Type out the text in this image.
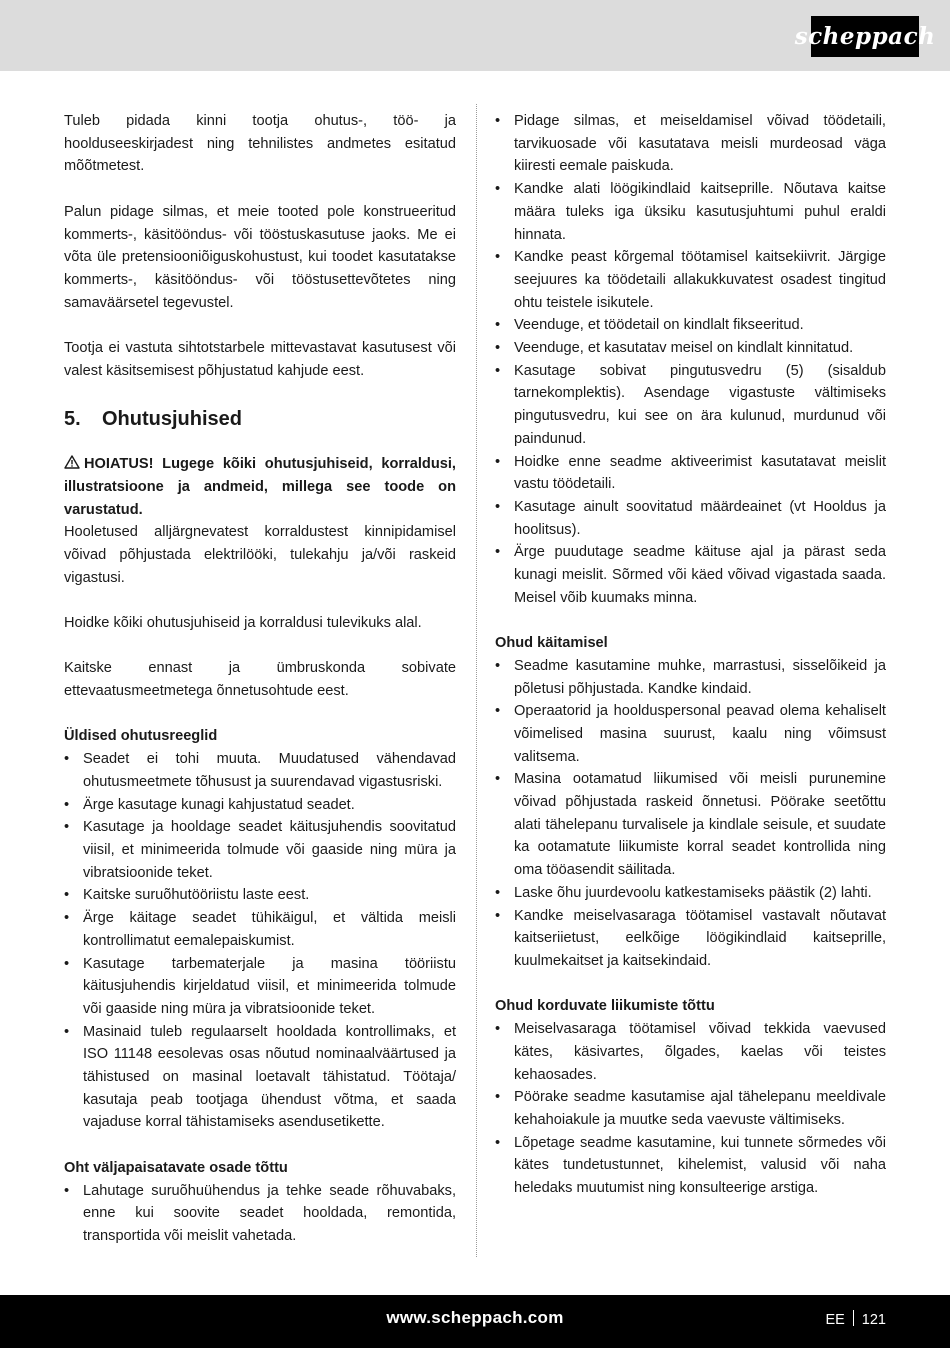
scheppach

Tuleb pidada kinni tootja ohutus-, töö- ja hoolduseeskirjadest ning tehnilistes andmetes esitatud mõõtmetest.

Palun pidage silmas, et meie tooted pole konstrueeritud kommerts-, käsitööndus- või tööstuskasutuse jaoks. Me ei võta üle pretensiooniõiguskohustust, kui toodet kasutatakse kommerts-, käsitööndus- või tööstusettevõtetes ning samaväärsetel tegevustel.

Tootja ei vastuta sihtotstarbele mittevastavat kasutusest või valest käsitsemisest põhjustatud kahjude eest.

5. Ohutusjuhised
HOIATUS! Lugege kõiki ohutusjuhiseid, korraldusi, illustratsioone ja andmeid, millega see toode on varustatud.

Hooletused alljärgnevatest korraldustest kinnipidamisel võivad põhjustada elektrilööki, tulekahju ja/või raskeid vigastusi.

Hoidke kõiki ohutusjuhiseid ja korraldusi tulevikuks alal.

Kaitske ennast ja ümbruskonda sobivate ettevaatusmeetmetega õnnetusohtude eest.

Üldised ohutusreeglid
• Seadet ei tohi muuta. Muudatused vähendavad ohutusmeetmete tõhusust ja suurendavad vigastusriski.
• Ärge kasutage kunagi kahjustatud seadet.
• Kasutage ja hooldage seadet käitusjuhendis soovitatud viisil, et minimeerida tolmude või gaaside ning müra ja vibratsioonide teket.
• Kaitske suruõhutööriistu laste eest.
• Ärge käitage seadet tühikäigul, et vältida meisli kontrollimatut eemalepaiskumist.
• Kasutage tarbematerjale ja masina tööriistu käitusjuhendis kirjeldatud viisil, et minimeerida tolmude või gaaside ning müra ja vibratsioonide teket.
• Masinaid tuleb regulaarselt hooldada kontrollimaks, et ISO 11148 eesolevas osas nõutud nominaalväärtused ja tähistused on masinal loetavalt tähistatud. Töötaja/ kasutaja peab tootjaga ühendust võtma, et saada vajaduse korral tähistamiseks asendusetikette.
Oht väljapaisatavate osade tõttu
• Lahutage suruõhuühendus ja tehke seade rõhuvabaks, enne kui soovite seadet hooldada, remontida, transportida või meislit vahetada.
• Pidage silmas, et meiseldamisel võivad töödetaili, tarvikuosade või kasutatava meisli murdeosad väga kiiresti eemale paiskuda.
• Kandke alati löögikindlaid kaitseprille. Nõutava kaitse määra tuleks iga üksiku kasutusjuhtumi puhul eraldi hinnata.
• Kandke peast kõrgemal töötamisel kaitsekiivrit. Järgige seejuures ka töödetaili allakukkuvatest osadest tingitud ohtu teistele isikutele.
• Veenduge, et töödetail on kindlalt fikseeritud.
• Veenduge, et kasutatav meisel on kindlalt kinnitatud.
• Kasutage sobivat pingutusvedru (5) (sisaldub tarnekomplektis). Asendage vigastuste vältimiseks pingutusvedru, kui see on ära kulunud, murdunud või paindunud.
• Hoidke enne seadme aktiveerimist kasutatavat meislit vastu töödetaili.
• Kasutage ainult soovitatud määrdeainet (vt Hooldus ja hoolitsus).
• Ärge puudutage seadme käituse ajal ja pärast seda kunagi meislit. Sõrmed või käed võivad vigastada saada. Meisel võib kuumaks minna.
Ohud käitamisel
• Seadme kasutamine muhke, marrastusi, sisselõikeid ja põletusi põhjustada. Kandke kindaid.
• Operaatorid ja hoolduspersonal peavad olema kehaliselt võimelised masina suurust, kaalu ning võimsust valitsema.
• Masina ootamatud liikumised või meisli purunemine võivad põhjustada raskeid õnnetusi. Pöörake seetõttu alati tähelepanu turvalisele ja kindlale seisule, et suudate ka ootamatute liikumiste korral seadet kontrollida ning oma tööasendit säilitada.
• Laske õhu juurdevoolu katkestamiseks päästik (2) lahti.
• Kandke meiselvasaraga töötamisel vastavalt nõutavat kaitseriietust, eelkõige löögikindlaid kaitseprille, kuulmekaitset ja kaitsekindaid.
Ohud korduvate liikumiste tõttu
• Meiselvasaraga töötamisel võivad tekkida vaevused kätes, käsivartes, õlgades, kaelas või teistes kehaosades.
• Pöörake seadme kasutamise ajal tähelepanu meeldivale kehahoiakule ja muutke seda vaevuste vältimiseks.
• Lõpetage seadme kasutamine, kui tunnete sõrmedes või kätes tundetustunnet, kihelemist, valusid või naha heledaks muutumist ning konsulteerige arstiga.
www.scheppach.com	EE 121
